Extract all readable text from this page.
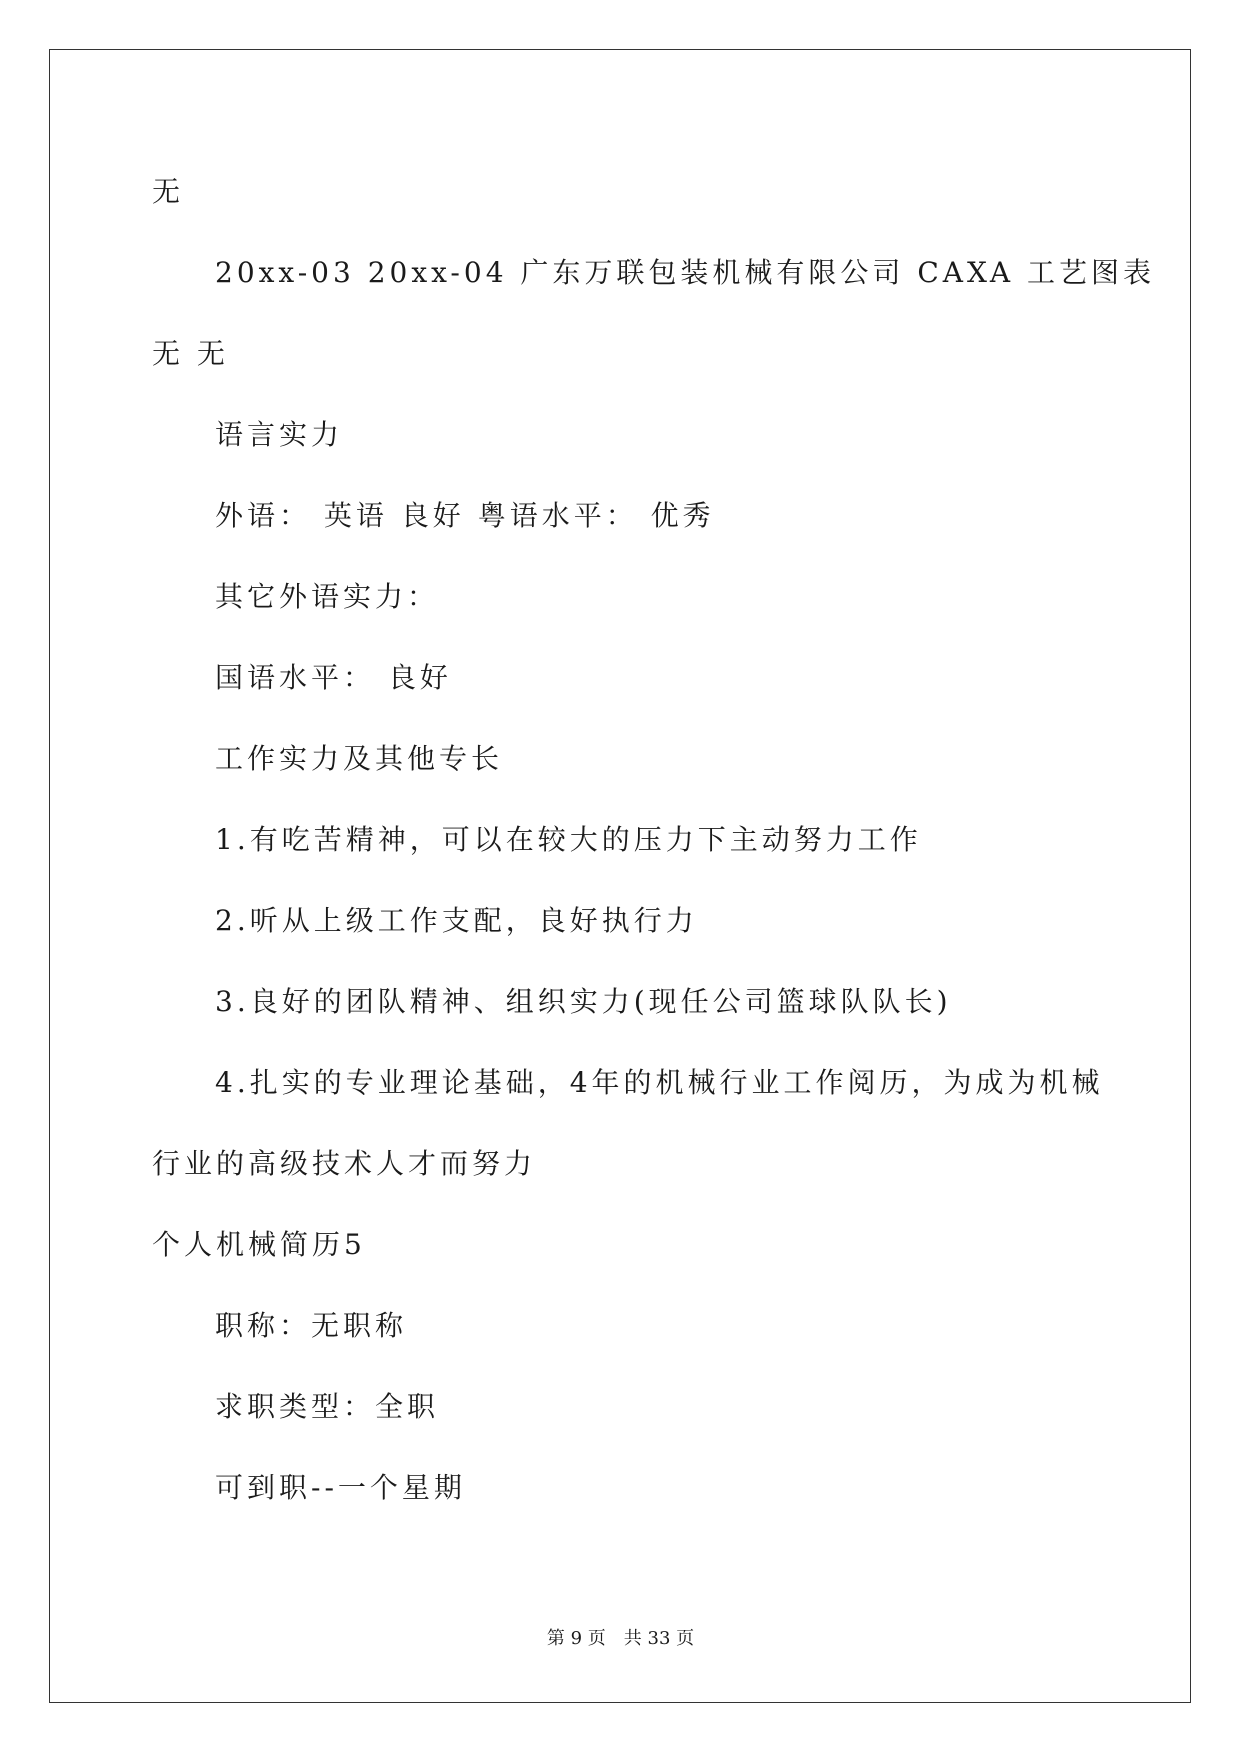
无
20xx-03 20xx-04 广东万联包装机械有限公司 CAXA 工艺图表
无 无
语言实力
外语： 英语 良好 粤语水平： 优秀
其它外语实力：
国语水平： 良好
工作实力及其他专长
1.有吃苦精神，可以在较大的压力下主动努力工作
2.听从上级工作支配，良好执行力
3.良好的团队精神、组织实力(现任公司篮球队队长)
4.扎实的专业理论基础，4年的机械行业工作阅历，为成为机械
行业的高级技术人才而努力
个人机械简历5
职称：无职称
求职类型：全职
可到职--一个星期
第 9 页　共 33 页
